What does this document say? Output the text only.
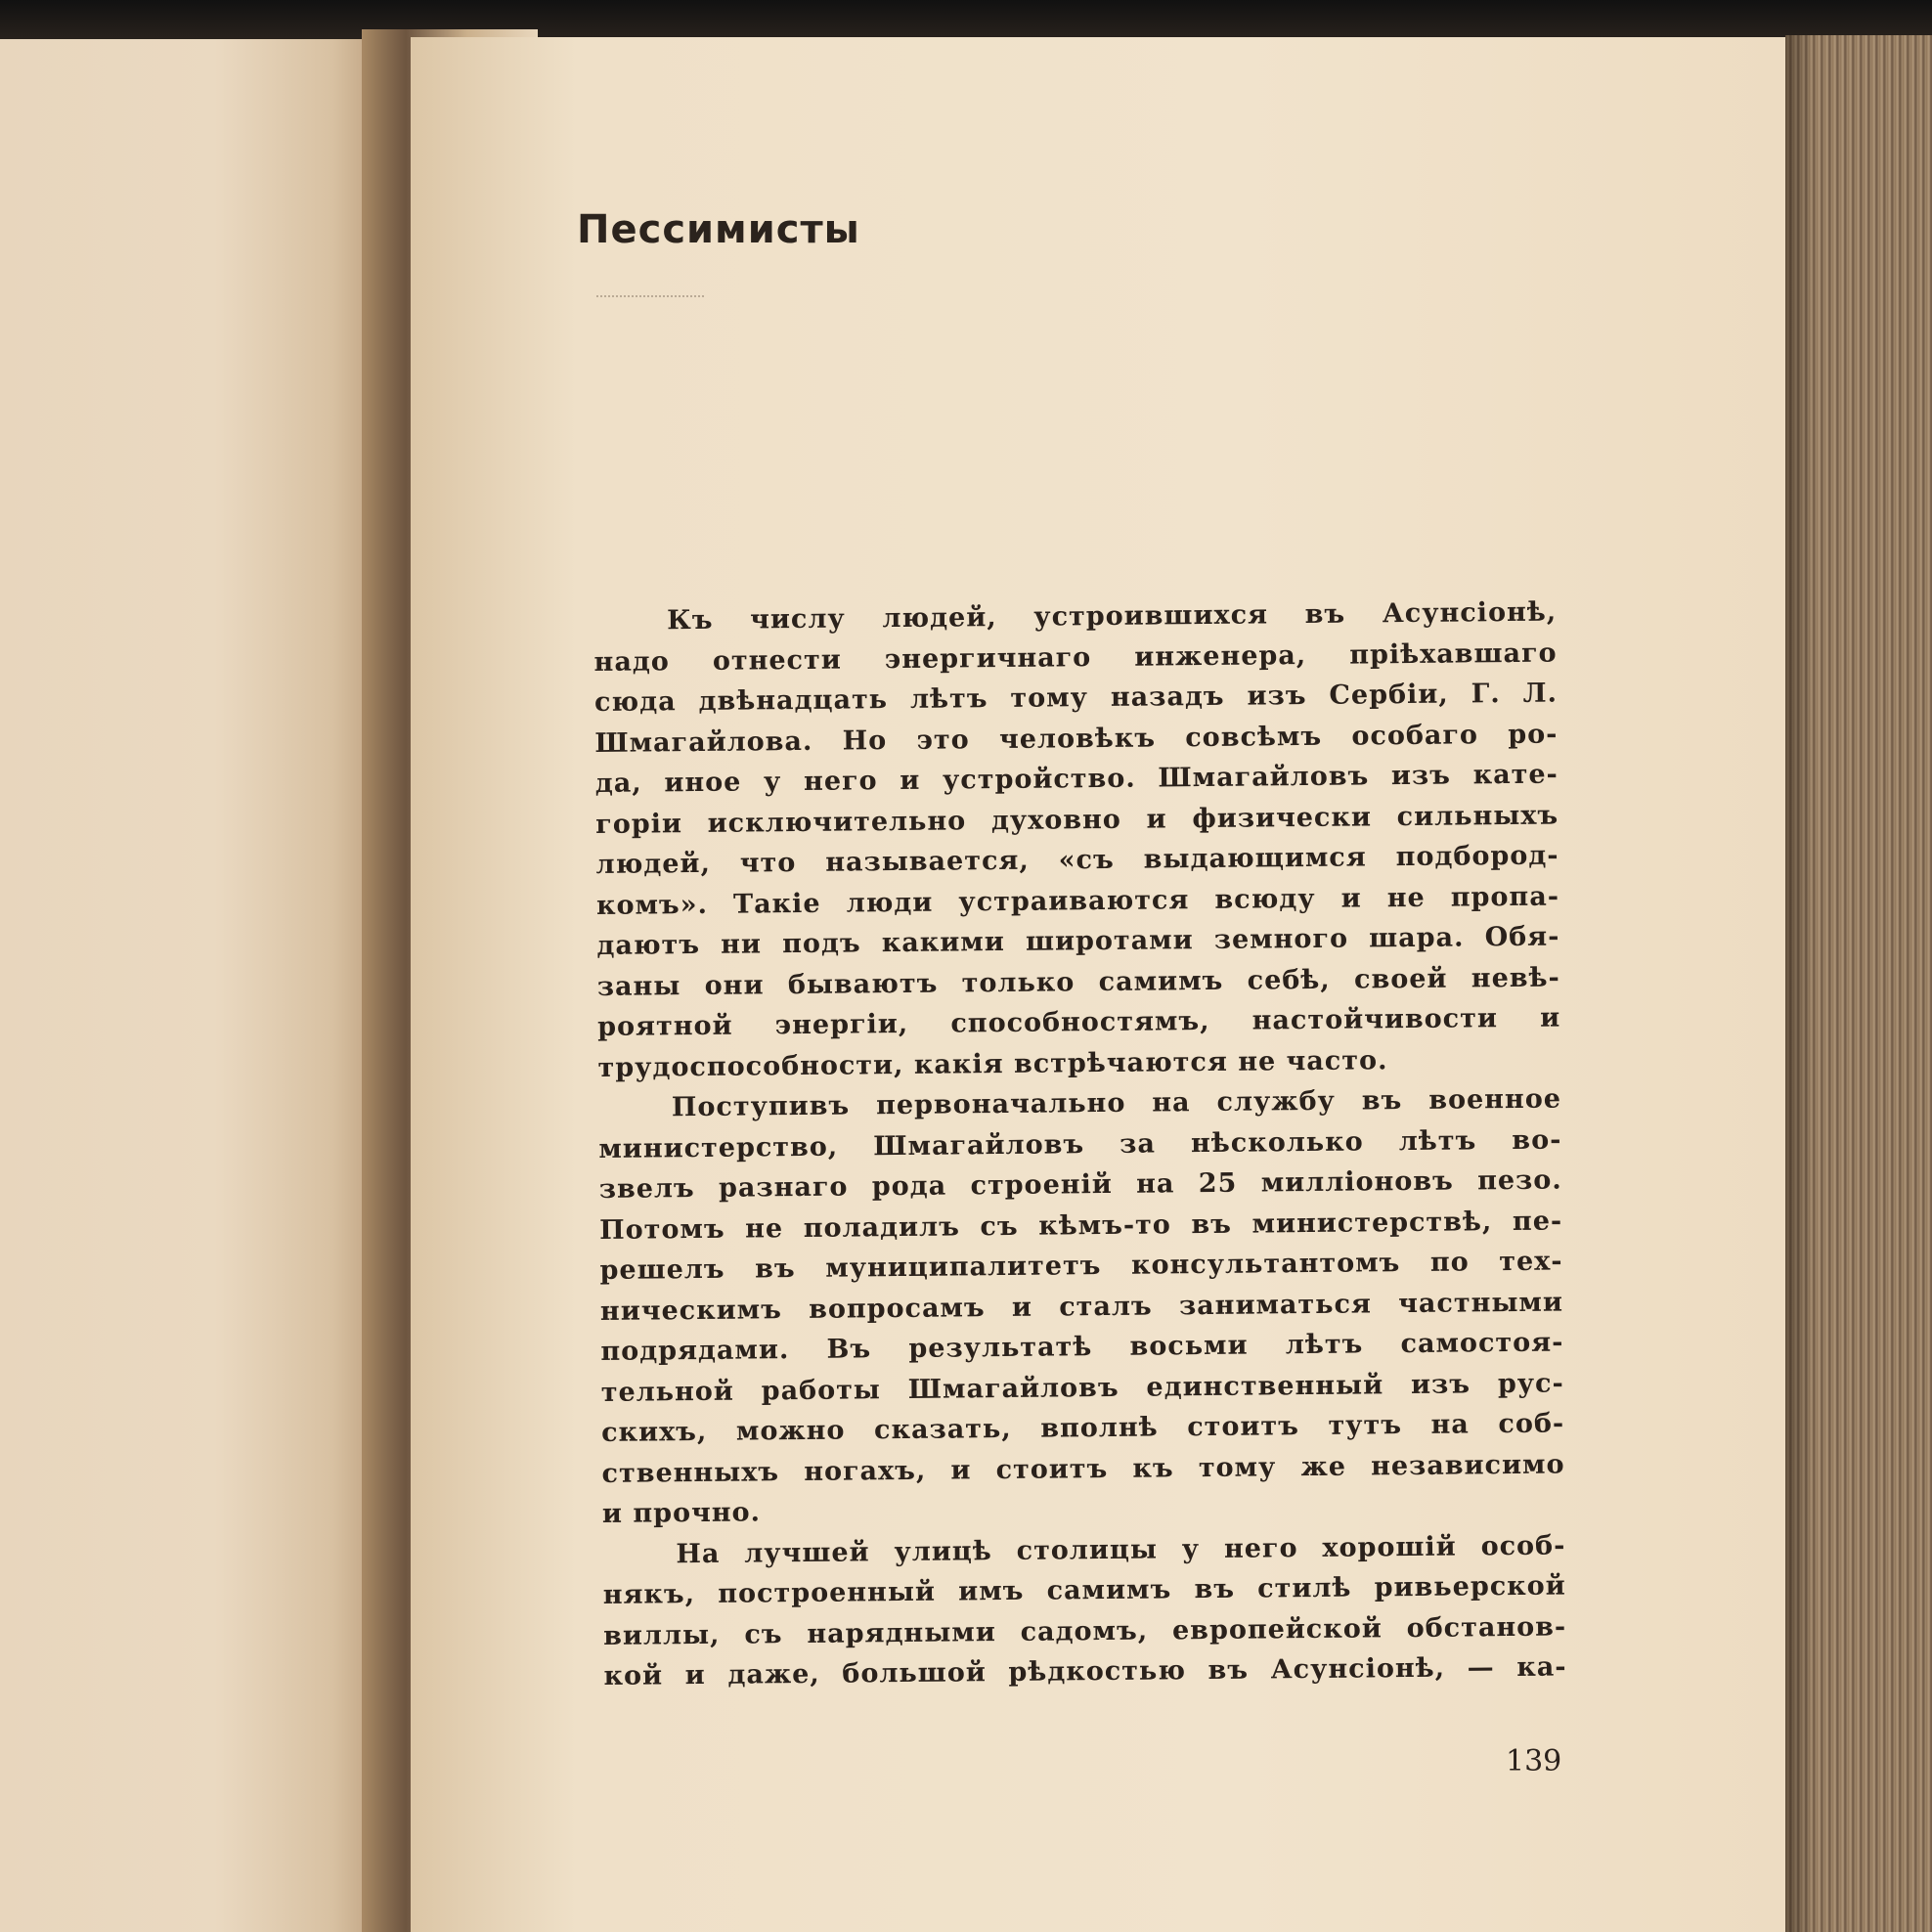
Пессимисты
Къ числу людей, устроившихся въ Асунсіонѣ,
надо отнести энергичнаго инженера, пріѣхавшаго
сюда двѣнадцать лѣтъ тому назадъ изъ Сербіи, Г. Л.
Шмагайлова. Но это человѣкъ совсѣмъ особаго ро-
да, иное у него и устройство. Шмагайловъ изъ кате-
горіи исключительно духовно и физически сильныхъ
людей, что называется, «съ выдающимся подбород-
комъ». Такіе люди устраиваются всюду и не пропа-
даютъ ни подъ какими широтами земного шара. Обя-
заны они бываютъ только самимъ себѣ, своей невѣ-
роятной энергіи, способностямъ, настойчивости и
трудоспособности, какія встрѣчаются не часто.
Поступивъ первоначально на службу въ военное
министерство, Шмагайловъ за нѣсколько лѣтъ во-
звелъ разнаго рода строеній на 25 милліоновъ пезо.
Потомъ не поладилъ съ кѣмъ-то въ министерствѣ, пе-
решелъ въ муниципалитетъ консультантомъ по тех-
ническимъ вопросамъ и сталъ заниматься частными
подрядами. Въ результатѣ восьми лѣтъ самостоя-
тельной работы Шмагайловъ единственный изъ рус-
скихъ, можно сказать, вполнѣ стоитъ тутъ на соб-
ственныхъ ногахъ, и стоитъ къ тому же независимо
и прочно.
На лучшей улицѣ столицы у него хорошій особ-
някъ, построенный имъ самимъ въ стилѣ ривьерской
виллы, съ нарядными садомъ, европейской обстанов-
кой и даже, большой рѣдкостью въ Асунсіонѣ, — ка-
139
